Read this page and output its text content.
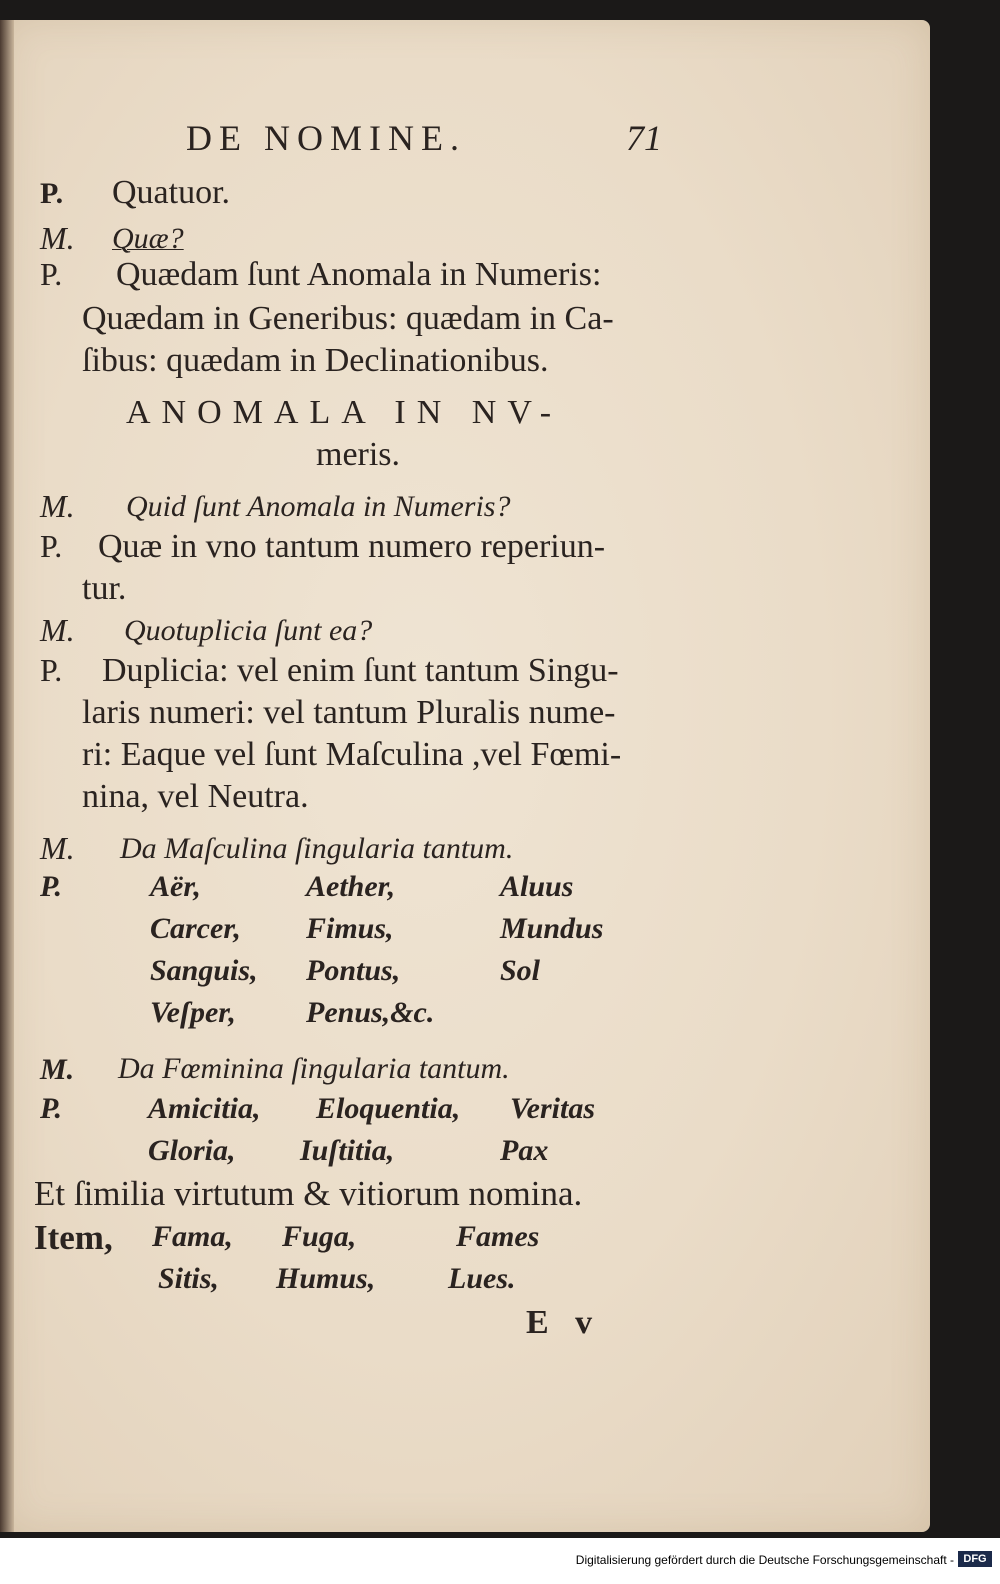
DE NOMINE.	71
P. Quatuor.
M. Quæ?
P. Quædam ſunt Anomala in Numeris:
Quædam in Generibus: quædam in Ca-
ſibus: quædam in Declinationibus.
ANOMALA IN NV-
meris.
M. Quid ſunt Anomala in Numeris?
P. Quæ in vno tantum numero reperiun-
tur.
M. Quotuplicia ſunt ea?
P. Duplicia: vel enim ſunt tantum Singu-
laris numeri: vel tantum Pluralis nume-
ri: Eaque vel ſunt Maſculina ,vel Fœmi-
nina, vel Neutra.
M. Da Maſculina ſingularia tantum.
P.	Aër,	Aether,	Aluus
Carcer, Fimus,	Mundus
Sanguis, Pontus,	Sol
Veſper, Penus,&c.
M. Da Fœminina ſingularia tantum.
P.	Amicitia, Eloquentia, Veritas
Gloria, Iuſtitia,	Pax
Et ſimilia virtutum & vitiorum nomina.
Item, Fama, Fuga,	Fames
Sitis, Humus, Lues.
E v
Digitalisierung gefördert durch die Deutsche Forschungsgemeinschaft - DFG
